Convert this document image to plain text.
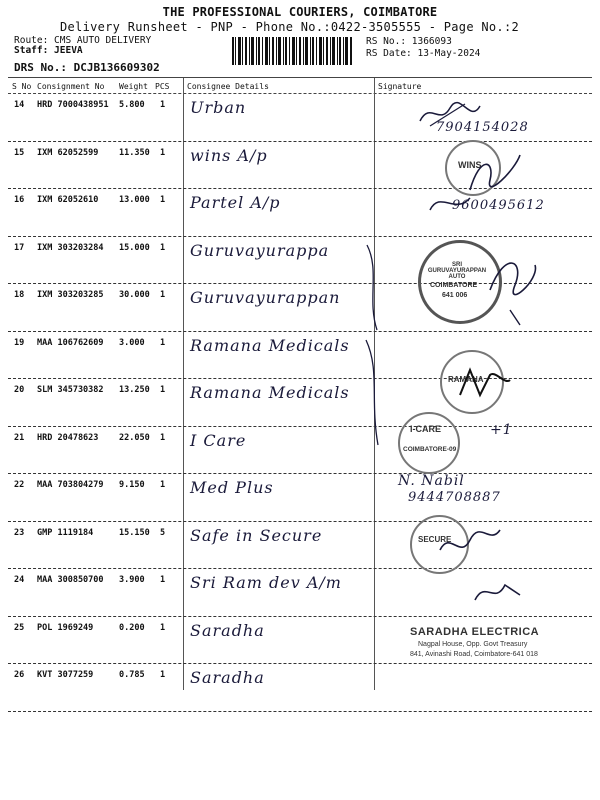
THE PROFESSIONAL COURIERS, COIMBATORE
Delivery Runsheet - PNP - Phone No.:0422-3505555 - Page No.:2
Route: CMS AUTO DELIVERY
Staff: JEEVA
RS No.: 1366093
RS Date: 13-May-2024
DRS No.: DCJB136609302
S No Consignment No Weight PCS Consignee Details	Signature
14 HRD 7000438951 5.800 1 Urban
15 IXM 62052599 11.350 1 wins A/p
16 IXM 62052610 13.000 1 Partel A/p
17 IXM 303203284 15.000 1 Guruvayurappa
18 IXM 303203285 30.000 1 Guruvayurappan
19 MAA 106762609 3.000 1 Ramana Medicals
20 SLM 345730382 13.250 1 Ramana Medicals
21 HRD 20478623 22.050 1 I Care
22 MAA 703804279 9.150 1 Med Plus
23 GMP 1119184	15.150 5 Safe in Secure
24 MAA 300850700 3.900 1 Sri Ram dev A/m
25 POL 1969249	0.200 1 Saradha
26 KVT 3077259	0.785 1 Saradha
+1
7904154028
WINS
9600495612
SRI GURUVAYURAPPAN AUTO
COIMBATORE
641 006
RAMANA
I-CARE
COIMBATORE-09
N. Nabil
9444708887
SECURE
SARADHA ELECTRICA
Nagpal House, Opp. Govt Treasury
841, Avinashi Road, Coimbatore-641 018
